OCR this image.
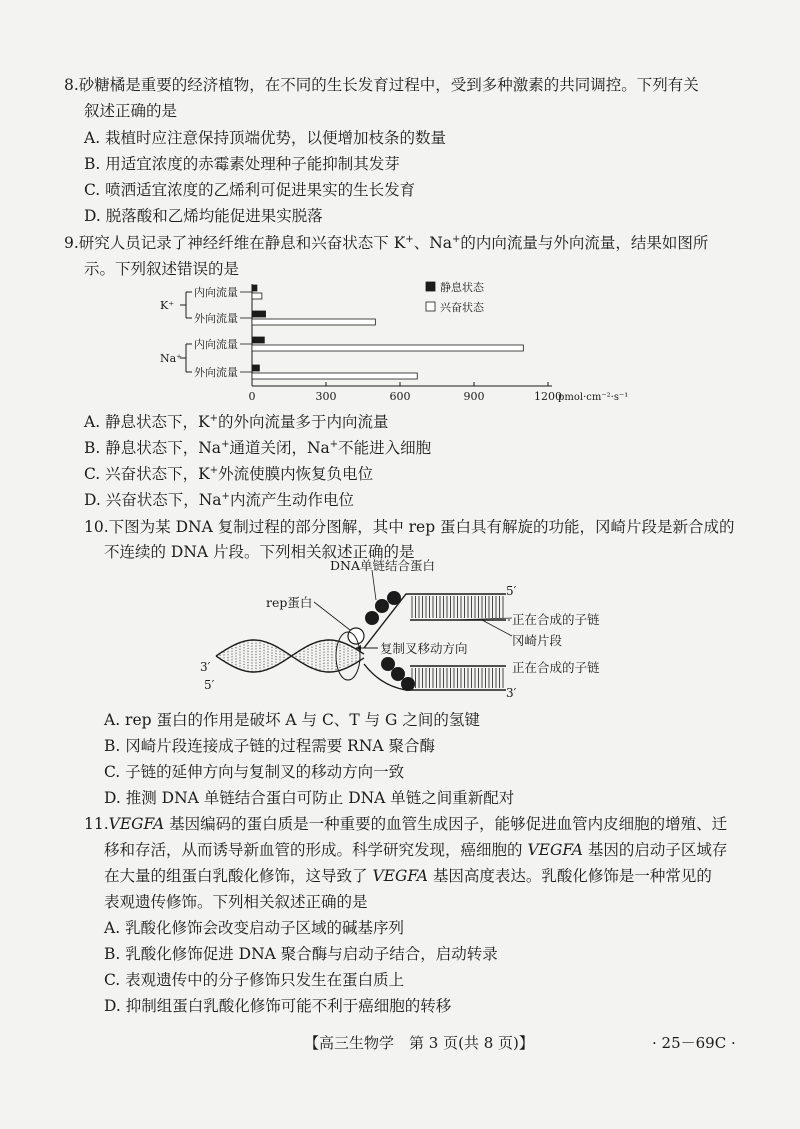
8.砂糖橘是重要的经济植物，在不同的生长发育过程中，受到多种激素的共同调控。下列有关
叙述正确的是
A. 栽植时应注意保持顶端优势，以便增加枝条的数量
B. 用适宜浓度的赤霉素处理种子能抑制其发芽
C. 喷洒适宜浓度的乙烯利可促进果实的生长发育
D. 脱落酸和乙烯均能促进果实脱落
9.研究人员记录了神经纤维在静息和兴奋状态下 K+、Na+的内向流量与外向流量，结果如图所
示。下列叙述错误的是
0	300	600	900	1200
pmol·cm⁻²·s⁻¹
内向流量
外向流量
内向流量
外向流量
K⁺
Na⁺
静息状态
兴奋状态
A. 静息状态下，K+的外向流量多于内向流量
B. 静息状态下，Na+通道关闭，Na+不能进入细胞
C. 兴奋状态下，K+外流使膜内恢复负电位
D. 兴奋状态下，Na+内流产生动作电位
10.下图为某 DNA 复制过程的部分图解，其中 rep 蛋白具有解旋的功能，冈崎片段是新合成的
不连续的 DNA 片段。下列相关叙述正确的是
DNA单链结合蛋白
rep蛋白
正在合成的子链
冈崎片段
复制叉移动方向
正在合成的子链
5′
3′
3′
5′
A. rep 蛋白的作用是破坏 A 与 C、T 与 G 之间的氢键
B. 冈崎片段连接成子链的过程需要 RNA 聚合酶
C. 子链的延伸方向与复制叉的移动方向一致
D. 推测 DNA 单链结合蛋白可防止 DNA 单链之间重新配对
11.VEGFA 基因编码的蛋白质是一种重要的血管生成因子，能够促进血管内皮细胞的增殖、迁
移和存活，从而诱导新血管的形成。科学研究发现，癌细胞的 VEGFA 基因的启动子区域存
在大量的组蛋白乳酸化修饰，这导致了 VEGFA 基因高度表达。乳酸化修饰是一种常见的
表观遗传修饰。下列相关叙述正确的是
A. 乳酸化修饰会改变启动子区域的碱基序列
B. 乳酸化修饰促进 DNA 聚合酶与启动子结合，启动转录
C. 表观遗传中的分子修饰只发生在蛋白质上
D. 抑制组蛋白乳酸化修饰可能不利于癌细胞的转移
【高三生物学　第 3 页(共 8 页)】	· 25－69C ·
